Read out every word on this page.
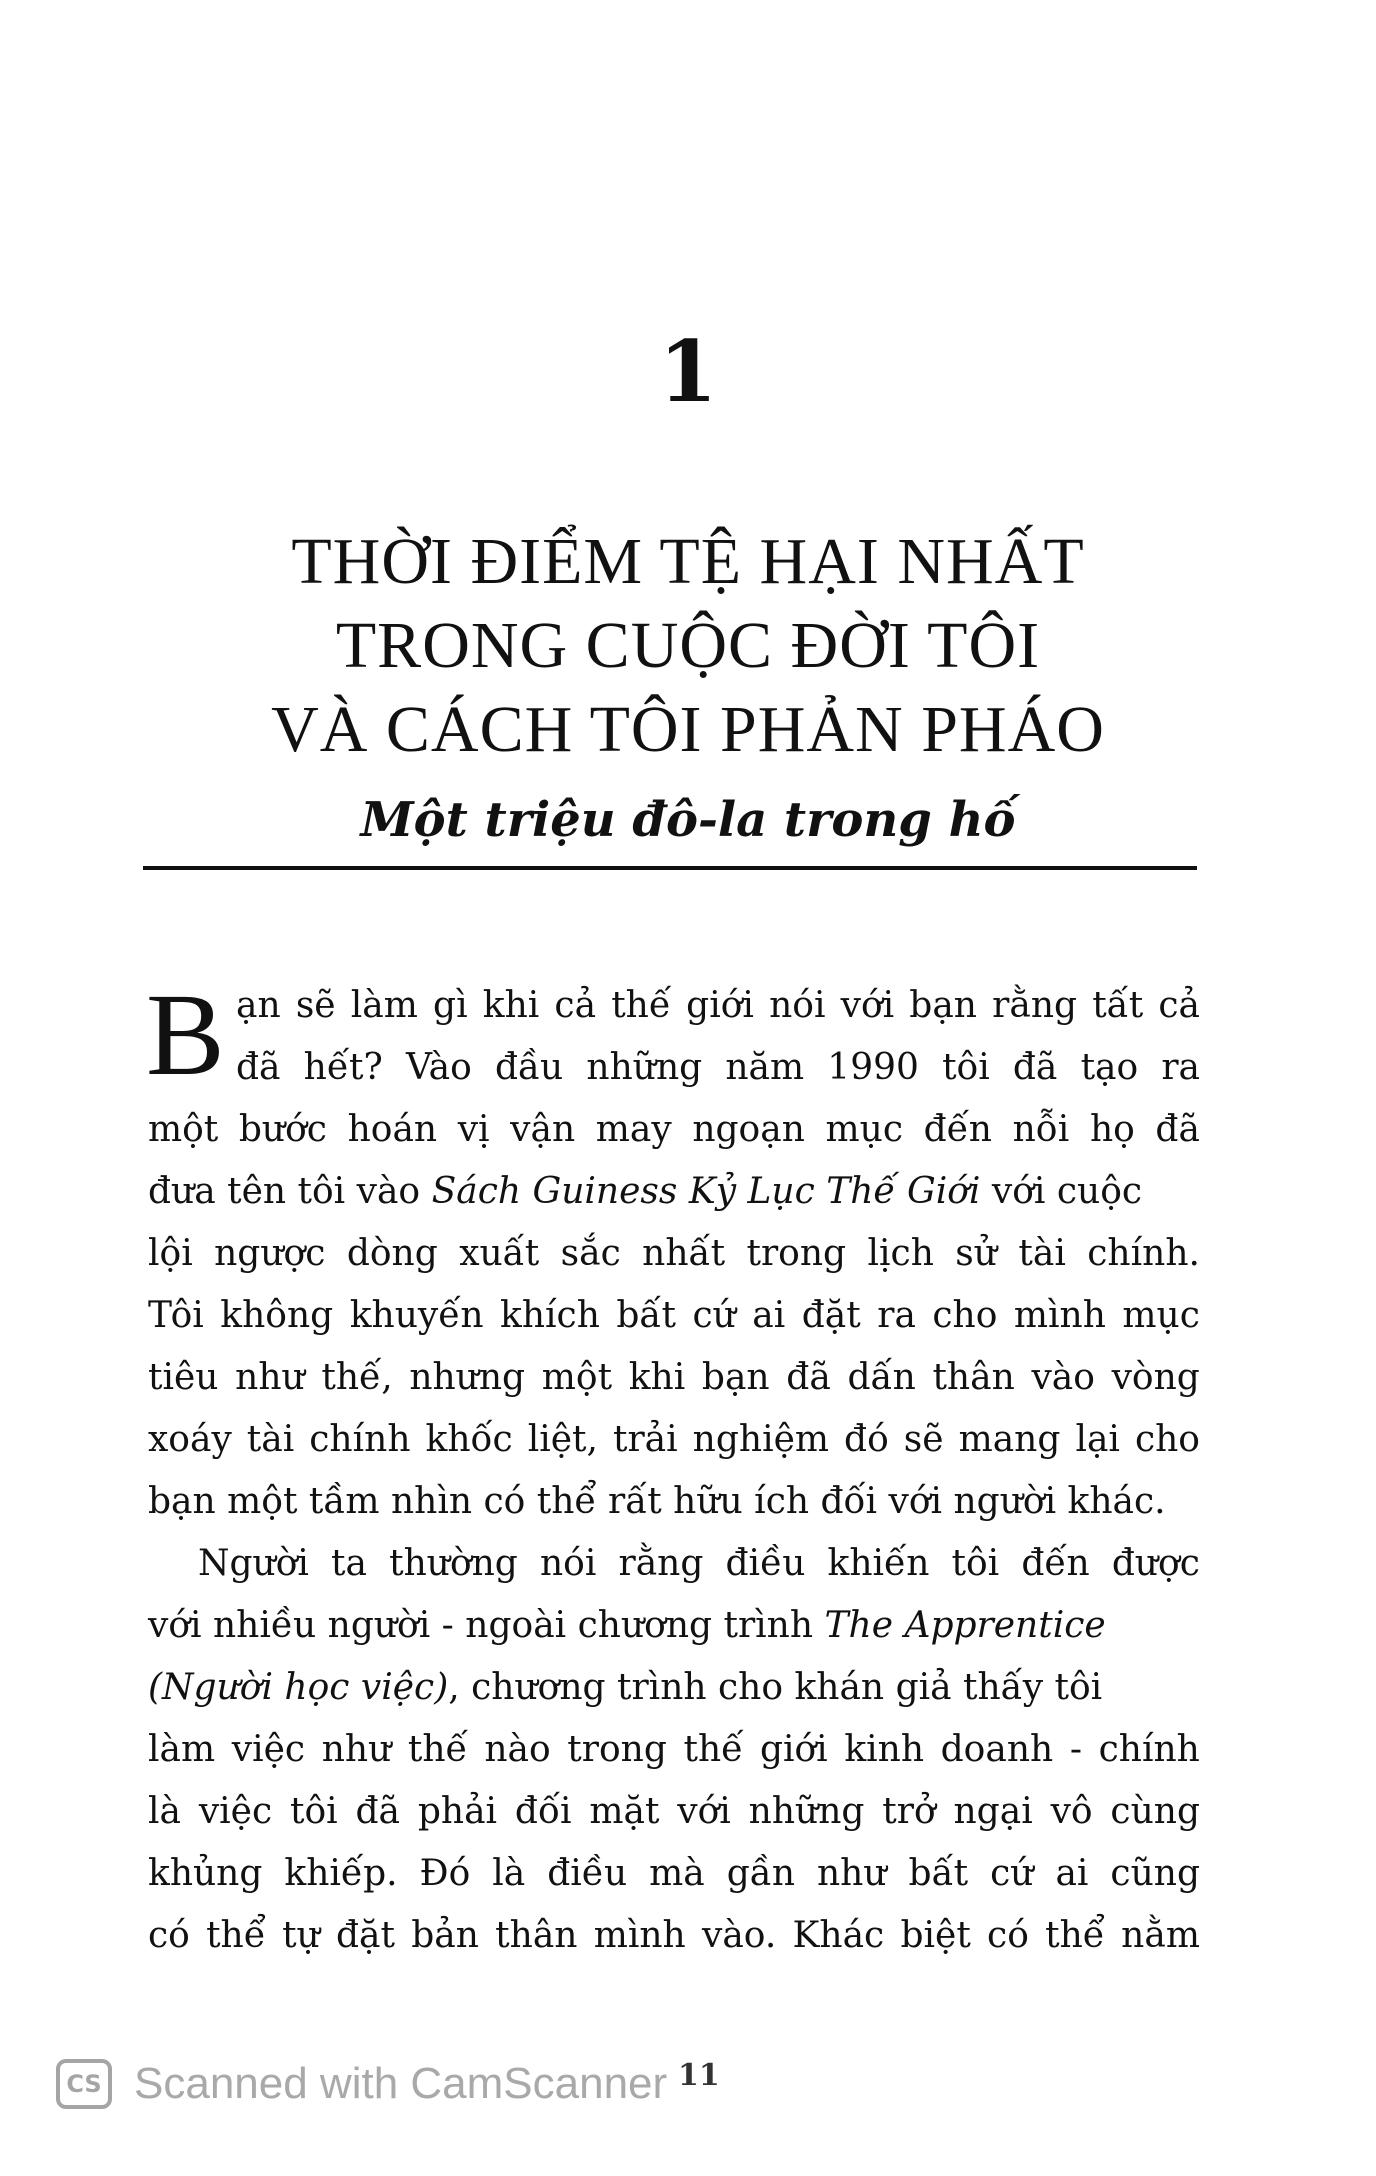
1
THỜI ĐIỂM TỆ HẠI NHẤT
TRONG CUỘC ĐỜI TÔI
VÀ CÁCH TÔI PHẢN PHÁO
Một triệu đô-la trong hố
B ạn sẽ làm gì khi cả thế giới nói với bạn rằng tất cả
đã hết? Vào đầu những năm 1990 tôi đã tạo ra
một bước hoán vị vận may ngoạn mục đến nỗi họ đã
đưa tên tôi vào Sách Guiness Kỷ Lục Thế Giới với cuộc
lội ngược dòng xuất sắc nhất trong lịch sử tài chính.
Tôi không khuyến khích bất cứ ai đặt ra cho mình mục
tiêu như thế, nhưng một khi bạn đã dấn thân vào vòng
xoáy tài chính khốc liệt, trải nghiệm đó sẽ mang lại cho
bạn một tầm nhìn có thể rất hữu ích đối với người khác.
Người ta thường nói rằng điều khiến tôi đến được
với nhiều người - ngoài chương trình The Apprentice
(Người học việc), chương trình cho khán giả thấy tôi
làm việc như thế nào trong thế giới kinh doanh - chính
là việc tôi đã phải đối mặt với những trở ngại vô cùng
khủng khiếp. Đó là điều mà gần như bất cứ ai cũng
có thể tự đặt bản thân mình vào. Khác biệt có thể nằm
CS Scanned with CamScanner 11
